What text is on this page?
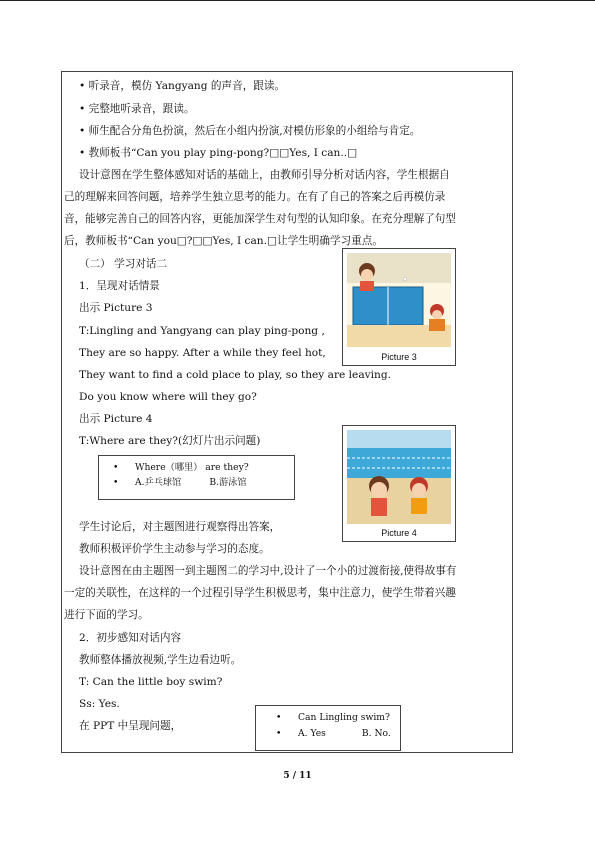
• 听录音，模仿 Yangyang 的声音，跟读。
• 完整地听录音，跟读。
• 师生配合分角色扮演，然后在小组内扮演,对模仿形象的小组给与肯定。
• 教师板书“Can you play ping-pong?□□Yes, I can..□
设计意图在学生整体感知对话的基础上，由教师引导分析对话内容，学生根据自
己的理解来回答问题，培养学生独立思考的能力。在有了自己的答案之后再模仿录
音，能够完善自己的回答内容，更能加深学生对句型的认知印象。在充分理解了句型
后，教师板书“Can you□?□□Yes, I can.□让学生明确学习重点。
（二） 学习对话二
1．呈现对话情景
出示 Picture 3
T:Lingling and Yangyang can play ping-pong ,
They are so happy. After a while they feel hot,
They want to find a cold place to play, so they are leaving.
Do you know where will they go?
出示 Picture 4
T:Where are they?(幻灯片出示问题)
Picture 3
Picture 4
• Where（哪里） are they?
• A.乒乓球馆	B.游泳馆
学生讨论后，对主题图进行观察得出答案，
教师积极评价学生主动参与学习的态度。
设计意图在由主题图一到主题图二的学习中,设计了一个小的过渡衔接,使得故事有
一定的关联性，在这样的一个过程引导学生积极思考，集中注意力，使学生带着兴趣
进行下面的学习。
2．初步感知对话内容
教师整体播放视频,学生边看边听。
T: Can the little boy swim?
Ss: Yes.
在 PPT 中呈现问题，
• Can Lingling swim?
• A. Yes	B. No.
5 / 11
